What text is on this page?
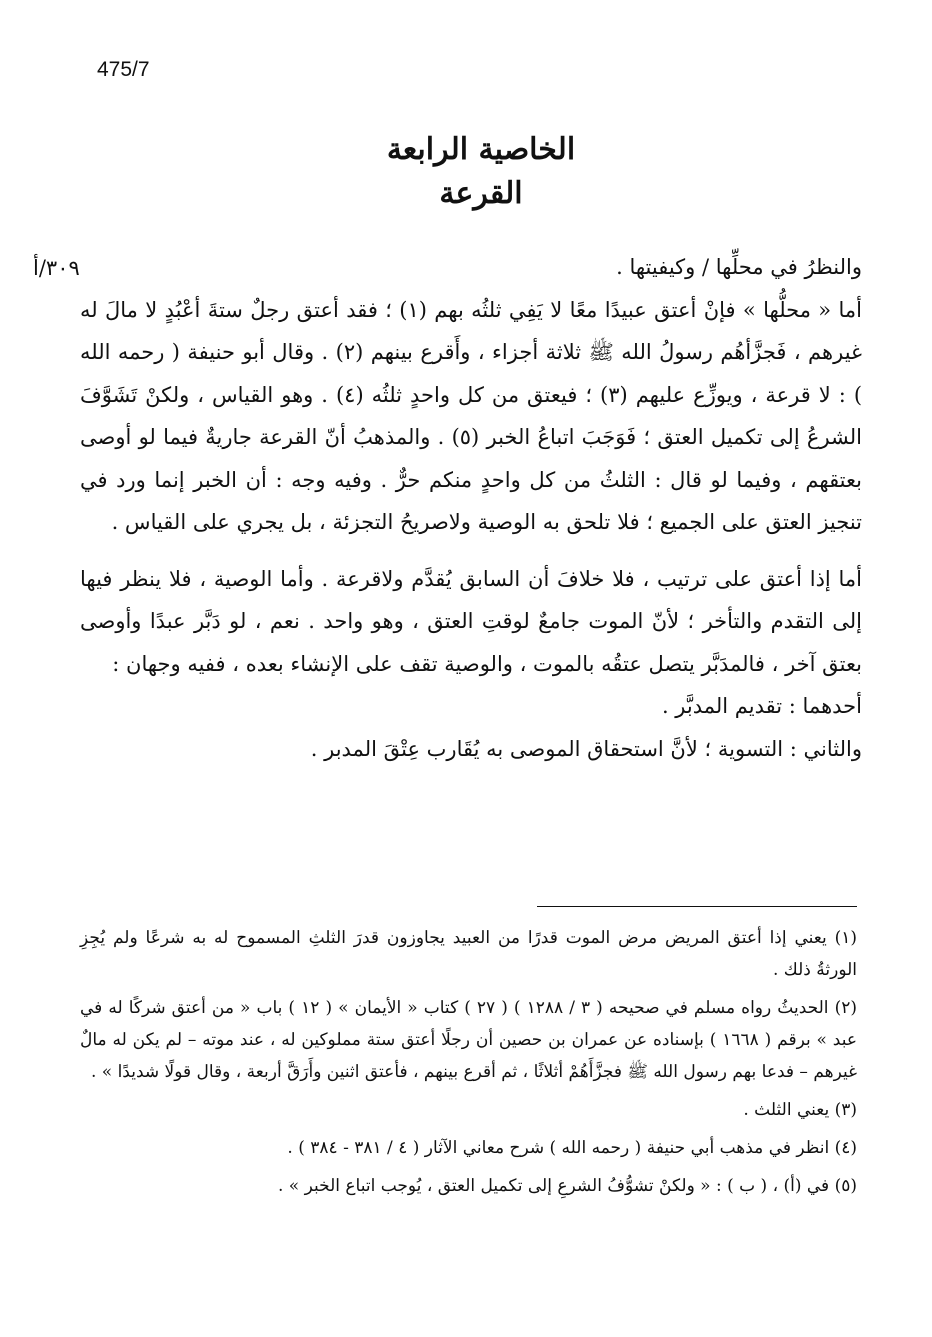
475/7
الخاصية الرابعة
القرعة
٣٠٩/أ	والنظرُ في محلِّها / وكيفيتها .

أما « محلُّها » فإنْ أعتق عبيدًا معًا لا يَفِي ثلثُه بهم (١) ؛ فقد أعتق رجلٌ ستةَ أعْبُدٍ لا مالَ له غيرهم ، فَجزَّأهُم رسولُ الله ﷺ ثلاثة أجزاء ، وأَقرع بينهم (٢) . وقال أبو حنيفة ( رحمه الله ) : لا قرعة ، ويوزِّع عليهم (٣) ؛ فيعتق من كل واحدٍ ثلثُه (٤) . وهو القياس ، ولكنْ تَشَوَّفَ الشرعُ إلى تكميل العتق ؛ فَوَجَبَ اتباعُ الخبر (٥) . والمذهبُ أنّ القرعة جاريةٌ فيما لو أوصى بعتقهم ، وفيما لو قال : الثلثُ من كل واحدٍ منكم حرٌّ . وفيه وجه : أن الخبر إنما ورد في تنجيز العتق على الجميع ؛ فلا تلحق به الوصية ولاصريحُ التجزئة ، بل يجري على القياس .

أما إذا أعتق على ترتيب ، فلا خلافَ أن السابق يُقدَّم ولاقرعة . وأما الوصية ، فلا ينظر فيها إلى التقدم والتأخر ؛ لأنّ الموت جامعٌ لوقتِ العتق ، وهو واحد . نعم ، لو دَبَّر عبدًا وأوصى بعتق آخر ، فالمدَبَّر يتصل عتقُه بالموت ، والوصية تقف على الإنشاء بعده ، ففيه وجهان :

أحدهما : تقديم المدبَّر .

والثاني : التسوية ؛ لأنَّ استحقاق الموصى به يُقَارب عِتْقَ المدبر .

(١) يعني إذا أعتق المريض مرض الموت قدرًا من العبيد يجاوزون قدرَ الثلثِ المسموح له به شرعًا ولم يُجِزِ الورثةُ ذلك .

(٢) الحديثُ رواه مسلم في صحيحه ( ٣ / ١٢٨٨ ) ( ٢٧ ) كتاب « الأيمان » ( ١٢ ) باب « من أعتق شركًا له في عبد » برقم ( ١٦٦٨ ) بإسناده عن عمران بن حصين أن رجلًا أعتق ستة مملوكين له ، عند موته – لم يكن له مالٌ غيرهم – فدعا بهم رسول الله ﷺ فجزَّأَهُمْ أثلاثًا ، ثم أقرع بينهم ، فأعتق اثنين وأَرَقَّ أربعة ، وقال قولًا شديدًا » .

(٣) يعني الثلث .

(٤) انظر في مذهب أبي حنيفة ( رحمه الله ) شرح معاني الآثار ( ٤ / ٣٨١ - ٣٨٤ ) .

(٥) في (أ) ، ( ب ) : « ولكنْ تشوُّفُ الشرعِ إلى تكميل العتق ، يُوجب اتباع الخبر » .
